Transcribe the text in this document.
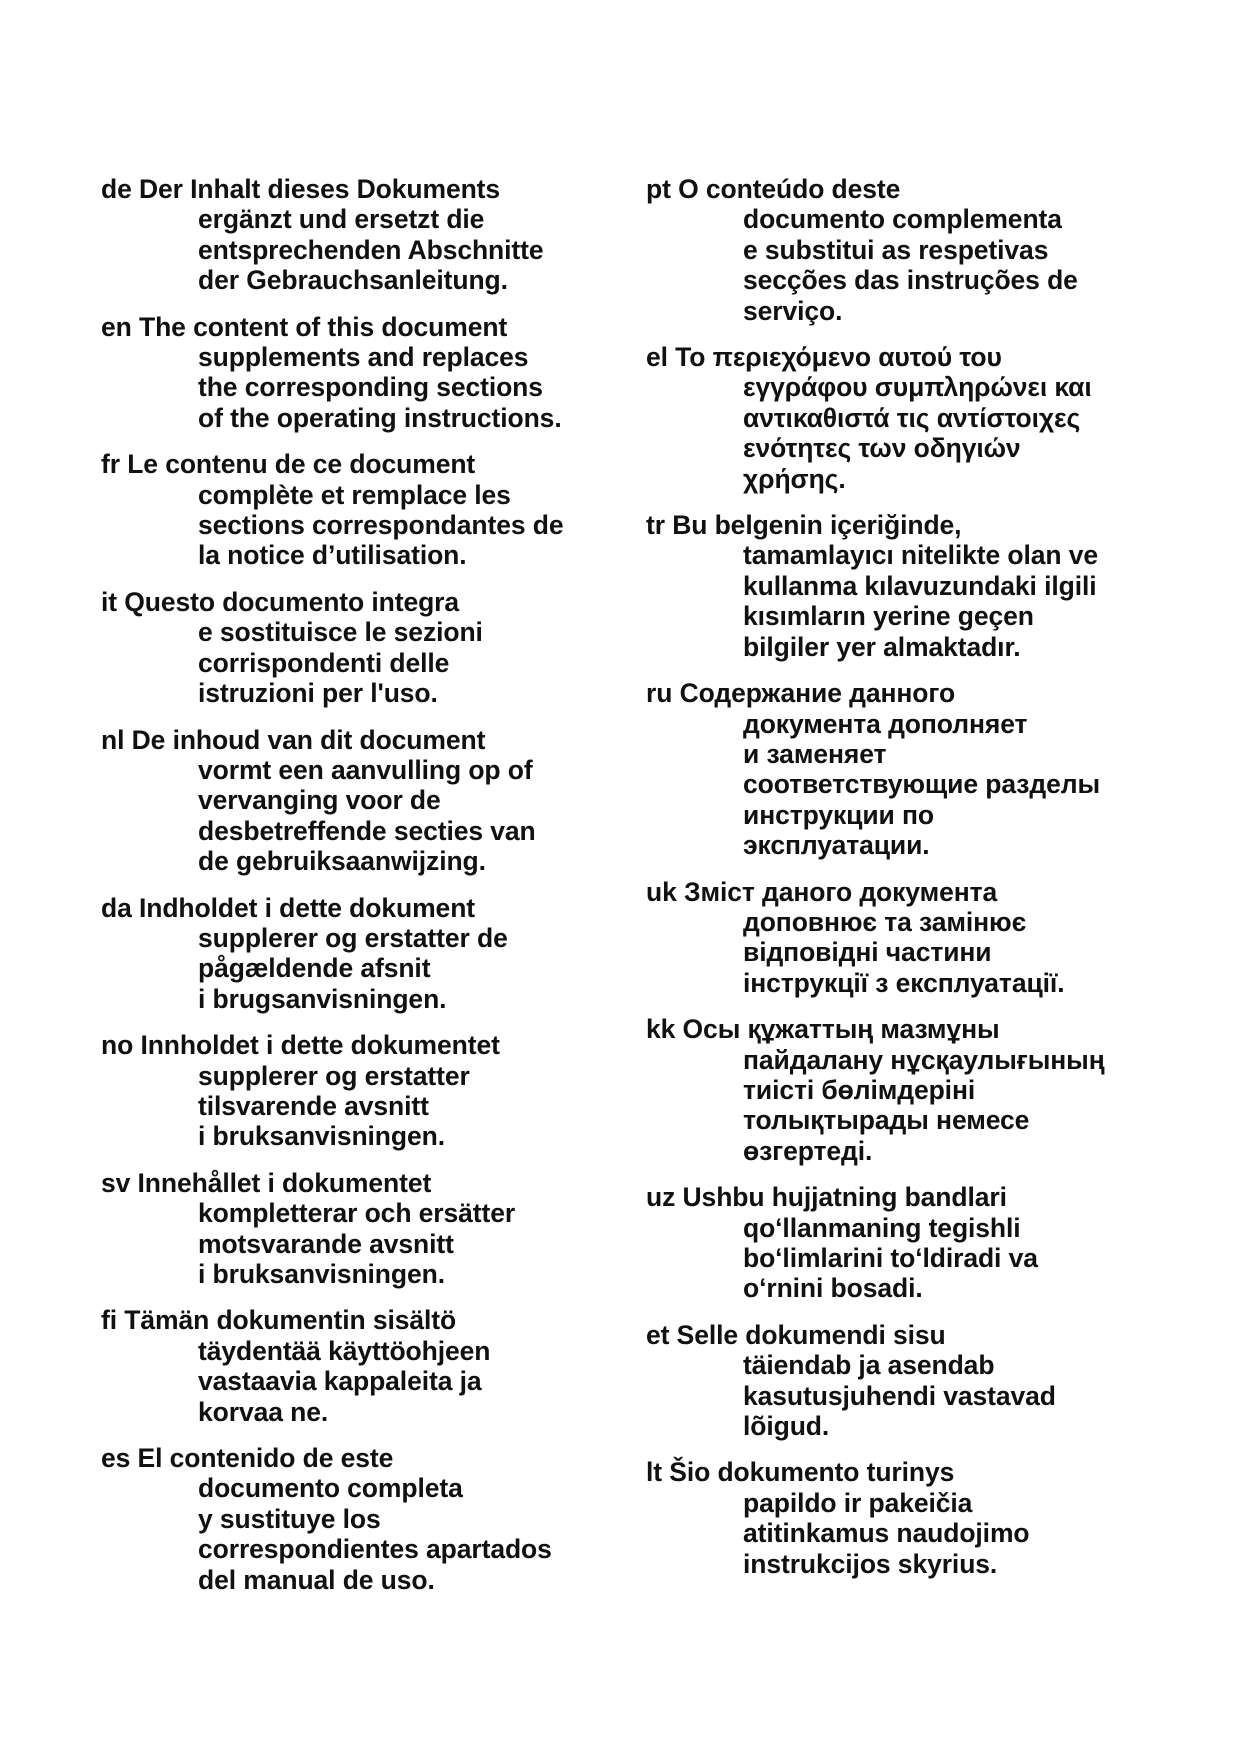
de Der Inhalt dieses Dokuments
ergänzt und ersetzt die
entsprechenden Abschnitte
der Gebrauchsanleitung.
en The content of this document
supplements and replaces
the corresponding sections
of the operating instructions.
fr Le contenu de ce document
complète et remplace les
sections correspondantes de
la notice d’utilisation.
it Questo documento integra
e sostituisce le sezioni
corrispondenti delle
istruzioni per l'uso.
nl De inhoud van dit document
vormt een aanvulling op of
vervanging voor de
desbetreffende secties van
de gebruiksaanwijzing.
da Indholdet i dette dokument
supplerer og erstatter de
pågældende afsnit
i brugsanvisningen.
no Innholdet i dette dokumentet
supplerer og erstatter
tilsvarende avsnitt
i bruksanvisningen.
sv Innehållet i dokumentet
kompletterar och ersätter
motsvarande avsnitt
i bruksanvisningen.
fi Tämän dokumentin sisältö
täydentää käyttöohjeen
vastaavia kappaleita ja
korvaa ne.
es El contenido de este
documento completa
y sustituye los
correspondientes apartados
del manual de uso.
pt O conteúdo deste
documento complementa
e substitui as respetivas
secções das instruções de
serviço.
el Το περιεχόμενο αυτού του
εγγράφου συμπληρώνει και
αντικαθιστά τις αντίστοιχες
ενότητες των οδηγιών
χρήσης.
tr Bu belgenin içeriğinde,
tamamlayıcı nitelikte olan ve
kullanma kılavuzundaki ilgili
kısımların yerine geçen
bilgiler yer almaktadır.
ru Содержание данного
документа дополняет
и заменяет
соответствующие разделы
инструкции по
эксплуатации.
uk Зміст даного документа
доповнює та замінює
відповідні частини
інструкції з експлуатації.
kk Осы құжаттың мазмұны
пайдалану нұсқаулығының
тиісті бөлімдеріні
толықтырады немесе
өзгертеді.
uz Ushbu hujjatning bandlari
qoʻllanmaning tegishli
boʻlimlarini toʻldiradi va
oʻrnini bosadi.
et Selle dokumendi sisu
täiendab ja asendab
kasutusjuhendi vastavad
lõigud.
lt Šio dokumento turinys
papildo ir pakeičia
atitinkamus naudojimo
instrukcijos skyrius.
